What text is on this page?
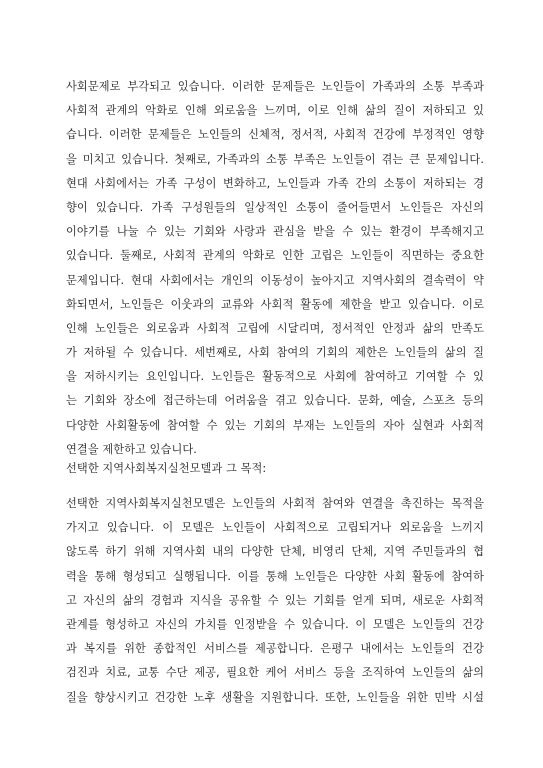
사회문제로 부각되고 있습니다. 이러한 문제들은 노인들이 가족과의 소통 부족과
사회적 관계의 악화로 인해 외로움을 느끼며, 이로 인해 삶의 질이 저하되고 있
습니다. 이러한 문제들은 노인들의 신체적, 정서적, 사회적 건강에 부정적인 영향
을 미치고 있습니다. 첫째로, 가족과의 소통 부족은 노인들이 겪는 큰 문제입니다.
현대 사회에서는 가족 구성이 변화하고, 노인들과 가족 간의 소통이 저하되는 경
향이 있습니다. 가족 구성원들의 일상적인 소통이 줄어들면서 노인들은 자신의
이야기를 나눌 수 있는 기회와 사랑과 관심을 받을 수 있는 환경이 부족해지고
있습니다. 둘째로, 사회적 관계의 악화로 인한 고립은 노인들이 직면하는 중요한
문제입니다. 현대 사회에서는 개인의 이동성이 높아지고 지역사회의 결속력이 약
화되면서, 노인들은 이웃과의 교류와 사회적 활동에 제한을 받고 있습니다. 이로
인해 노인들은 외로움과 사회적 고립에 시달리며, 정서적인 안정과 삶의 만족도
가 저하될 수 있습니다. 세번째로, 사회 참여의 기회의 제한은 노인들의 삶의 질
을 저하시키는 요인입니다. 노인들은 활동적으로 사회에 참여하고 기여할 수 있
는 기회와 장소에 접근하는데 어려움을 겪고 있습니다. 문화, 예술, 스포츠 등의
다양한 사회활동에 참여할 수 있는 기회의 부재는 노인들의 자아 실현과 사회적
연결을 제한하고 있습니다.
선택한 지역사회복지실천모델과 그 목적:
선택한 지역사회복지실천모델은 노인들의 사회적 참여와 연결을 촉진하는 목적을
가지고 있습니다. 이 모델은 노인들이 사회적으로 고립되거나 외로움을 느끼지
않도록 하기 위해 지역사회 내의 다양한 단체, 비영리 단체, 지역 주민들과의 협
력을 통해 형성되고 실행됩니다. 이를 통해 노인들은 다양한 사회 활동에 참여하
고 자신의 삶의 경험과 지식을 공유할 수 있는 기회를 얻게 되며, 새로운 사회적
관계를 형성하고 자신의 가치를 인정받을 수 있습니다. 이 모델은 노인들의 건강
과 복지를 위한 종합적인 서비스를 제공합니다. 은평구 내에서는 노인들의 건강
검진과 치료, 교통 수단 제공, 필요한 케어 서비스 등을 조직하여 노인들의 삶의
질을 향상시키고 건강한 노후 생활을 지원합니다. 또한, 노인들을 위한 민박 시설
